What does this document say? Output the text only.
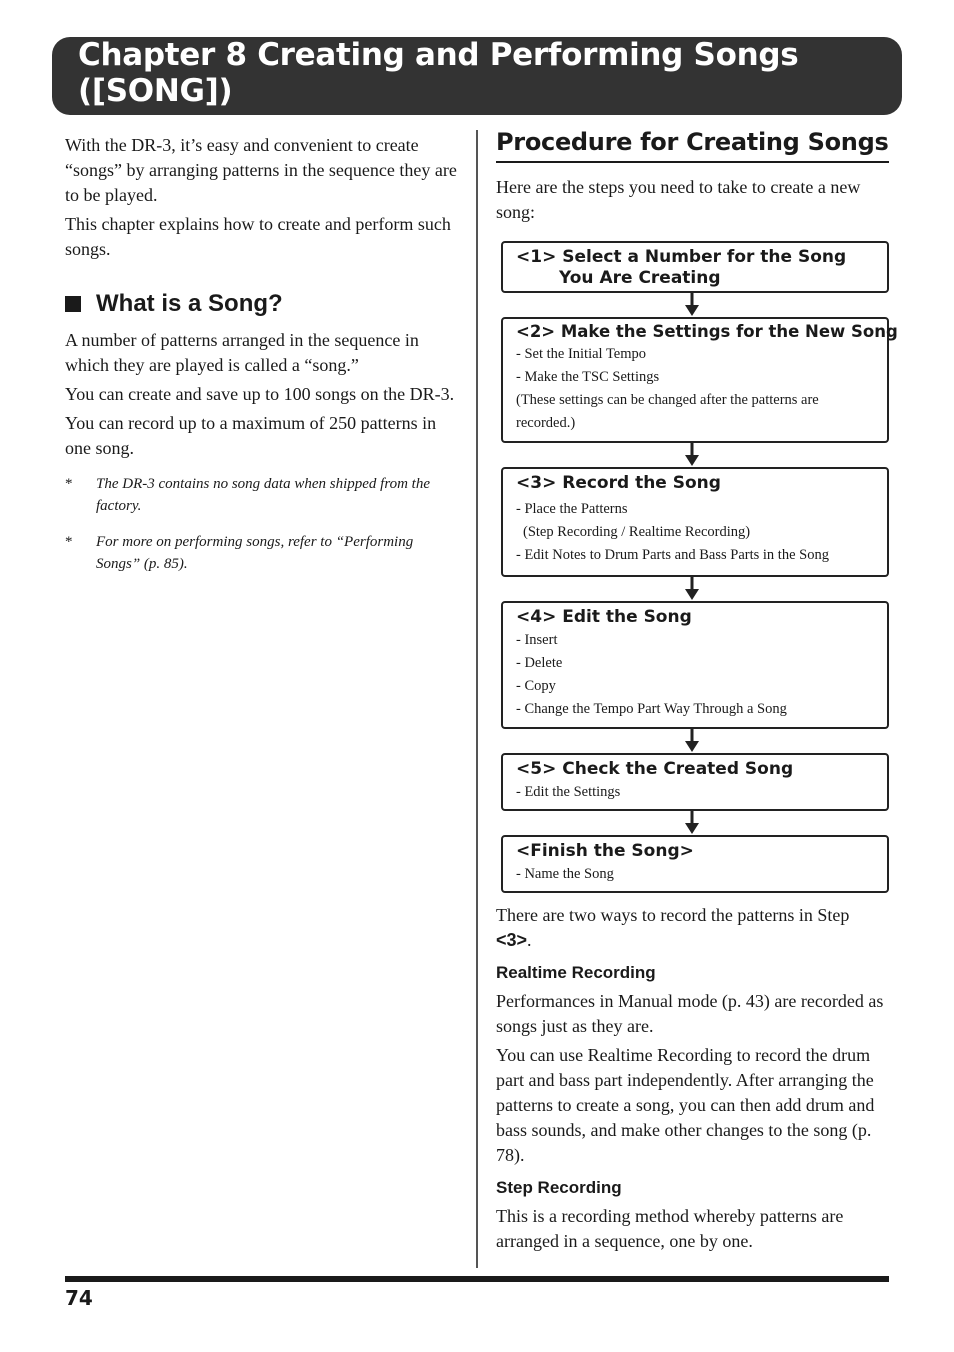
Chapter 8 Creating and Performing Songs ([SONG])

With the DR-3, it’s easy and convenient to create “songs” by arranging patterns in the sequence they are to be played.

This chapter explains how to create and perform such songs.

What is a Song?

A number of patterns arranged in the sequence in which they are played is called a “song.”

You can create and save up to 100 songs on the DR-3.

You can record up to a maximum of 250 patterns in one song.

*	The DR-3 contains no song data when shipped from the factory.
*	For more on performing songs, refer to “Performing Songs” (p. 85).
Procedure for Creating Songs

Here are the steps you need to take to create a new song:

<1> Select a Number for the Song
You Are Creating
<2> Make the Settings for the New Song
- Set the Initial Tempo
- Make the TSC Settings
(These settings can be changed after the patterns are recorded.)
<3> Record the Song
- Place the Patterns
(Step Recording / Realtime Recording)
- Edit Notes to Drum Parts and Bass Parts in the Song
<4> Edit the Song
- Insert
- Delete
- Copy
- Change the Tempo Part Way Through a Song
<5> Check the Created Song
- Edit the Settings
<Finish the Song>
- Name the Song

There are two ways to record the patterns in Step <3>.

Realtime Recording

Performances in Manual mode (p. 43) are recorded as songs just as they are.

You can use Realtime Recording to record the drum part and bass part independently. After arranging the patterns to create a song, you can then add drum and bass sounds, and make other changes to the song (p. 78).

Step Recording

This is a recording method whereby patterns are arranged in a sequence, one by one.

74
